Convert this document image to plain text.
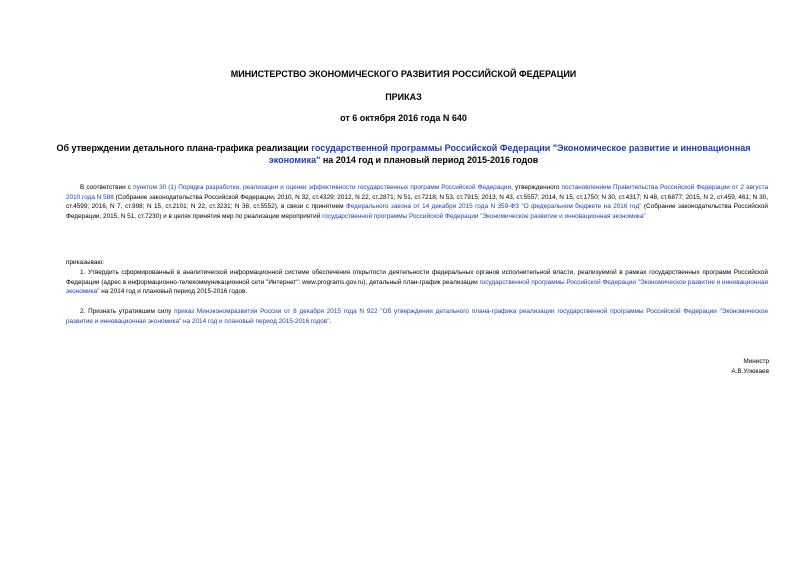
МИНИСТЕРСТВО ЭКОНОМИЧЕСКОГО РАЗВИТИЯ РОССИЙСКОЙ ФЕДЕРАЦИИ
ПРИКАЗ
от 6 октября 2016 года N 640
Об утверждении детального плана-графика реализации государственной программы Российской Федерации "Экономическое развитие и инновационная экономика" на 2014 год и плановый период 2015-2016 годов
В соответствии с пунктом 30 (1) Порядка разработки, реализации и оценки эффективности государственных программ Российской Федерации, утвержденного постановлением Правительства Российской Федерации от 2 августа 2010 года N 588 (Собрание законодательства Российской Федерации, 2010, N 32, ст.4329; 2012, N 22, ст.2871; N 51, ст.7218; N 53, ст.7915; 2013, N 43, ст.5557; 2014, N 15, ст.1750; N 30, ст.4317; N 48, ст.6877; 2015, N 2, ст.459, 461; N 30, ст.4599; 2016, N 7, ст.998; N 15, ст.2101; N 22, ст.3231; N 38, ст.5552), в связи с принятием Федерального закона от 14 декабря 2015 года N 359-ФЗ "О федеральном бюджете на 2016 год" (Собрание законодательства Российской Федерации, 2015, N 51, ст.7230) и в целях принятия мер по реализации мероприятий государственной программы Российской Федерации "Экономическое развитие и инновационная экономика"
приказываю:
1. Утвердить сформированный в аналитической информационной системе обеспечения открытости деятельности федеральных органов исполнительной власти, реализуемой в рамках государственных программ Российской Федерации (адрес в информационно-телекоммуникационной сети "Интернет": www.programs.gov.ru), детальный план-график реализации государственной программы Российской Федерации "Экономическое развитие и инновационная экономика" на 2014 год и плановый период 2015-2016 годов.
2. Признать утратившим силу приказ Минэкономразвития России от 8 декабря 2015 года N 922 "Об утверждении детального плана-графика реализации государственной программы Российской Федерации "Экономическое развитие и инновационная экономика" на 2014 год и плановый период 2015-2016 годов".
Министр
А.В.Улюкаев
